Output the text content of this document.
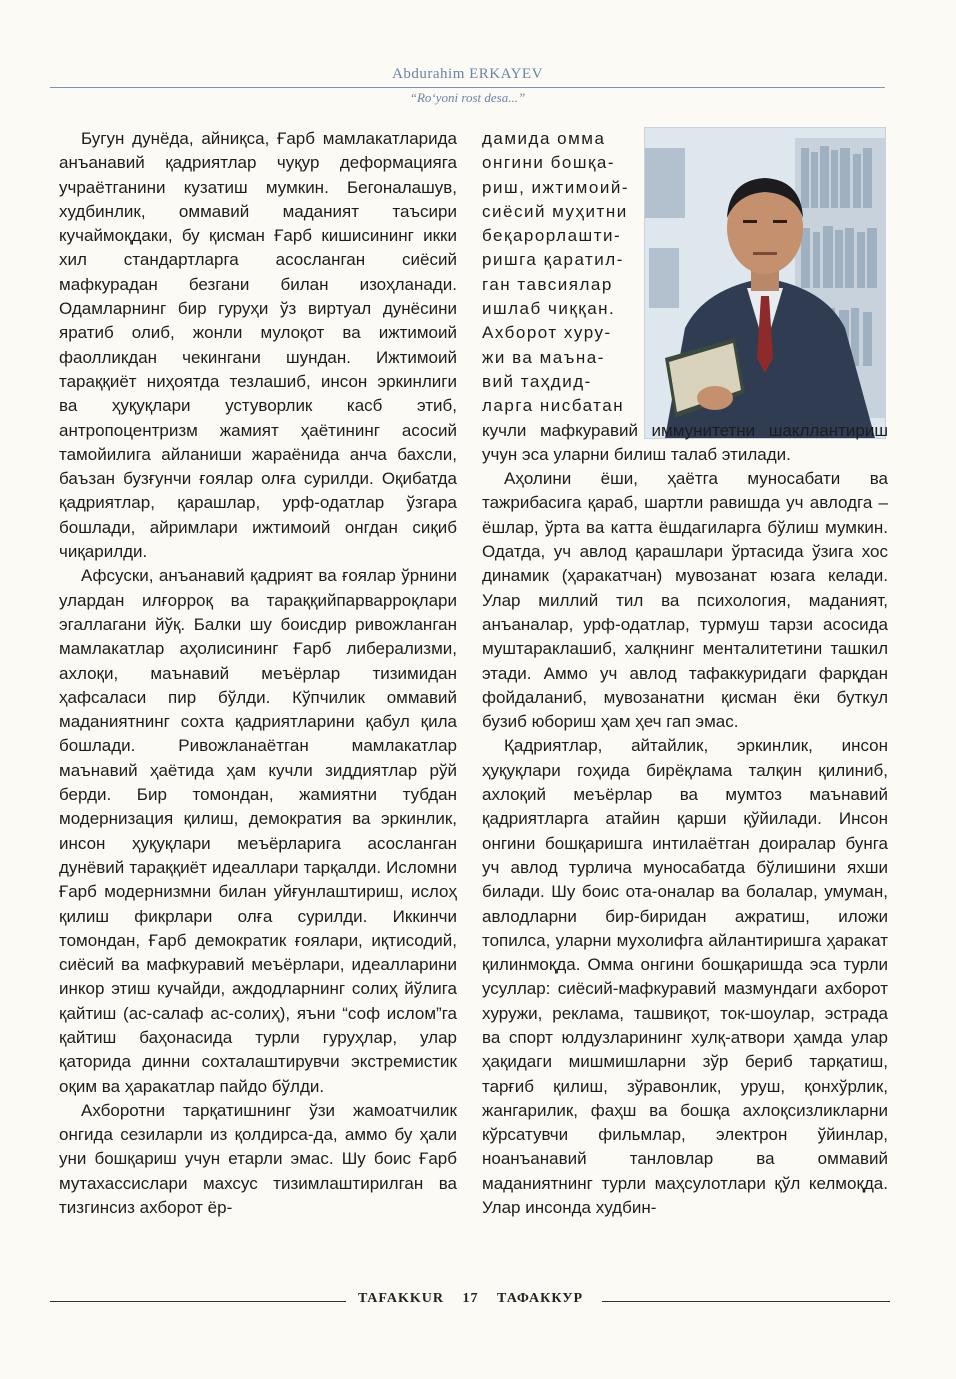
Abdurahim ERKAYEV
“Ro‘yoni rost desa...”

Бугун дунёда, айниқса, Ғарб мамлакатларида анъанавий қадриятлар чуқур деформацияга учраётганини кузатиш мумкин. Бегоналашув, худбинлик, оммавий маданият таъсири кучаймоқдаки, бу қисман Ғарб кишисининг икки хил стандартларга асосланган сиёсий мафкурадан безгани билан изоҳланади. Одамларнинг бир гуруҳи ўз виртуал дунёсини яратиб олиб, жонли мулоқот ва ижтимоий фаолликдан чекингани шундан. Ижтимоий тараққиёт ниҳоятда тезлашиб, инсон эркинлиги ва ҳуқуқлари устуворлик касб этиб, антропоцентризм жамият ҳаётининг асосий тамойилига айланиши жараёнида анча бахсли, баъзан бузғунчи ғоялар олға сурилди. Оқибатда қадриятлар, қарашлар, урф-одатлар ўзгара бошлади, айримлари ижтимоий онгдан сиқиб чиқарилди.

Афсуски, анъанавий қадрият ва ғоялар ўрнини улардан илғорроқ ва тараққийпарварроқлари эгаллагани йўқ. Балки шу боисдир ривожланган мамлакатлар аҳолисининг Ғарб либерализми, ахлоқи, маънавий меъёрлар тизимидан ҳафсаласи пир бўлди. Кўпчилик оммавий маданиятнинг сохта қадриятларини қабул қила бошлади. Ривожланаётган мамлакатлар маънавий ҳаётида ҳам кучли зиддиятлар рўй берди. Бир томондан, жамиятни тубдан модернизация қилиш, демократия ва эркинлик, инсон ҳуқуқлари меъёрларига асосланган дунёвий тараққиёт идеаллари тарқалди. Исломни Ғарб модернизмни билан уйғунлаштириш, ислоҳ қилиш фикрлари олға сурилди. Иккинчи томондан, Ғарб демократик ғоялари, иқтисодий, сиёсий ва мафкуравий меъёрлари, идеалларини инкор этиш кучайди, аждодларнинг солиҳ йўлига қайтиш (ас-салаф ас-солиҳ), яъни “соф ислом”га қайтиш баҳонасида турли гуруҳлар, улар қаторида динни сохталаштирувчи экстремистик оқим ва ҳаракатлар пайдо бўлди.

Ахборотни тарқатишнинг ўзи жамоатчилик онгида сезиларли из қолдирса-да, аммо бу ҳали уни бошқариш учун етарли эмас. Шу боис Ғарб мутахассислари махсус тизимлаштирилган ва тизгинсиз ахборот ёр-

дамида омма
онгини бошқа-
риш, ижтимоий-
сиёсий муҳитни
беқарорлашти-
ришга қаратил-
ган тавсиялар
ишлаб чиққан.
Ахборот хуру-
жи ва маъна-
вий таҳдид-
ларга нисбатан

кучли мафкуравий иммунитетни шакллантириш учун эса уларни билиш талаб этилади.

Аҳолини ёши, ҳаётга муносабати ва тажрибасига қараб, шартли равишда уч авлодга – ёшлар, ўрта ва катта ёшдагиларга бўлиш мумкин. Одатда, уч авлод қарашлари ўртасида ўзига хос динамик (ҳаракатчан) мувозанат юзага келади. Улар миллий тил ва психология, маданият, анъаналар, урф-одатлар, турмуш тарзи асосида муштараклашиб, халқнинг менталитетини ташкил этади. Аммо уч авлод тафаккуридаги фарқдан фойдаланиб, мувозанатни қисман ёки буткул бузиб юбориш ҳам ҳеч гап эмас.

Қадриятлар, айтайлик, эркинлик, инсон ҳуқуқлари гоҳида бирёқлама талқин қилиниб, ахлоқий меъёрлар ва мумтоз маънавий қадриятларга атайин қарши қўйилади. Инсон онгини бошқаришга интилаётган доиралар бунга уч авлод турлича муносабатда бўлишини яхши билади. Шу боис ота-оналар ва болалар, умуман, авлодларни бир-биридан ажратиш, иложи топилса, уларни мухолифга айлантиришга ҳаракат қилинмоқда. Омма онгини бошқаришда эса турли усуллар: сиёсий-мафкуравий мазмундаги ахборот хуружи, реклама, ташвиқот, ток-шоулар, эстрада ва спорт юлдузларининг хулқ-атвори ҳамда улар ҳақидаги мишмишларни зўр бериб тарқатиш, тарғиб қилиш, зўравонлик, уруш, қонхўрлик, жангарилик, фаҳш ва бошқа ахлоқсизликларни кўрсатувчи фильмлар, электрон ўйинлар, ноанъанавий танловлар ва оммавий маданиятнинг турли маҳсулотлари қўл келмоқда. Улар инсонда худбин-

TAFAKKUR 17 ТАФАККУР
